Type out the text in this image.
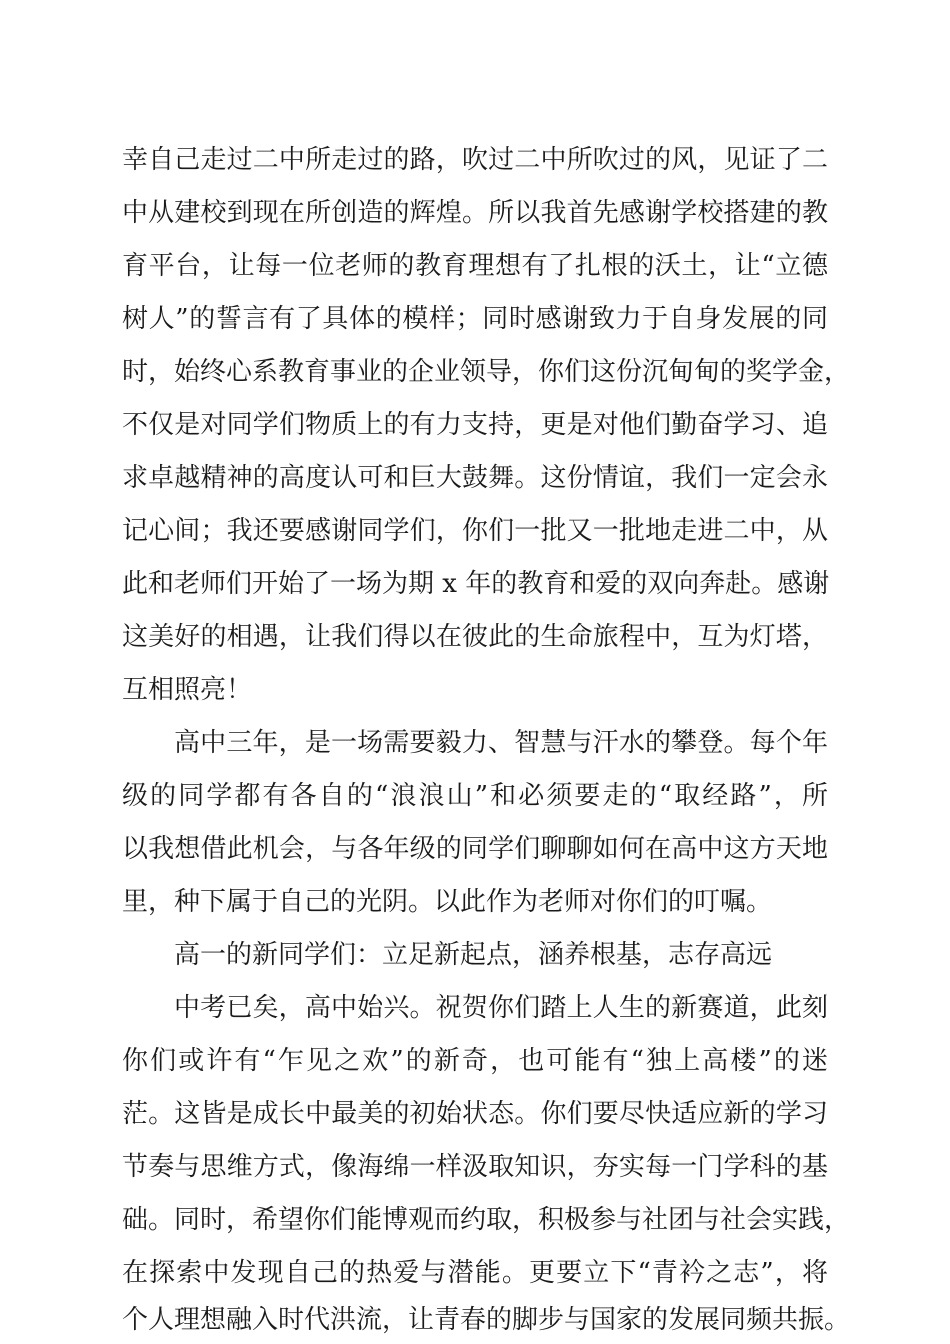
幸自己走过二中所走过的路，吹过二中所吹过的风，见证了二
中从建校到现在所创造的辉煌。所以我首先感谢学校搭建的教
育平台，让每一位老师的教育理想有了扎根的沃土，让“立德
树人”的誓言有了具体的模样；同时感谢致力于自身发展的同
时，始终心系教育事业的企业领导，你们这份沉甸甸的奖学金，
不仅是对同学们物质上的有力支持，更是对他们勤奋学习、追
求卓越精神的高度认可和巨大鼓舞。这份情谊，我们一定会永
记心间；我还要感谢同学们，你们一批又一批地走进二中，从
此和老师们开始了一场为期 x 年的教育和爱的双向奔赴。感谢
这美好的相遇，让我们得以在彼此的生命旅程中，互为灯塔，
互相照亮！
高中三年，是一场需要毅力、智慧与汗水的攀登。每个年
级的同学都有各自的“浪浪山”和必须要走的“取经路”，所
以我想借此机会，与各年级的同学们聊聊如何在高中这方天地
里，种下属于自己的光阴。以此作为老师对你们的叮嘱。
高一的新同学们：立足新起点，涵养根基，志存高远
中考已矣，高中始兴。祝贺你们踏上人生的新赛道，此刻
你们或许有“乍见之欢”的新奇，也可能有“独上高楼”的迷
茫。这皆是成长中最美的初始状态。你们要尽快适应新的学习
节奏与思维方式，像海绵一样汲取知识，夯实每一门学科的基
础。同时，希望你们能博观而约取，积极参与社团与社会实践，
在探索中发现自己的热爱与潜能。更要立下“青衿之志”，将
个人理想融入时代洪流，让青春的脚步与国家的发展同频共振。
